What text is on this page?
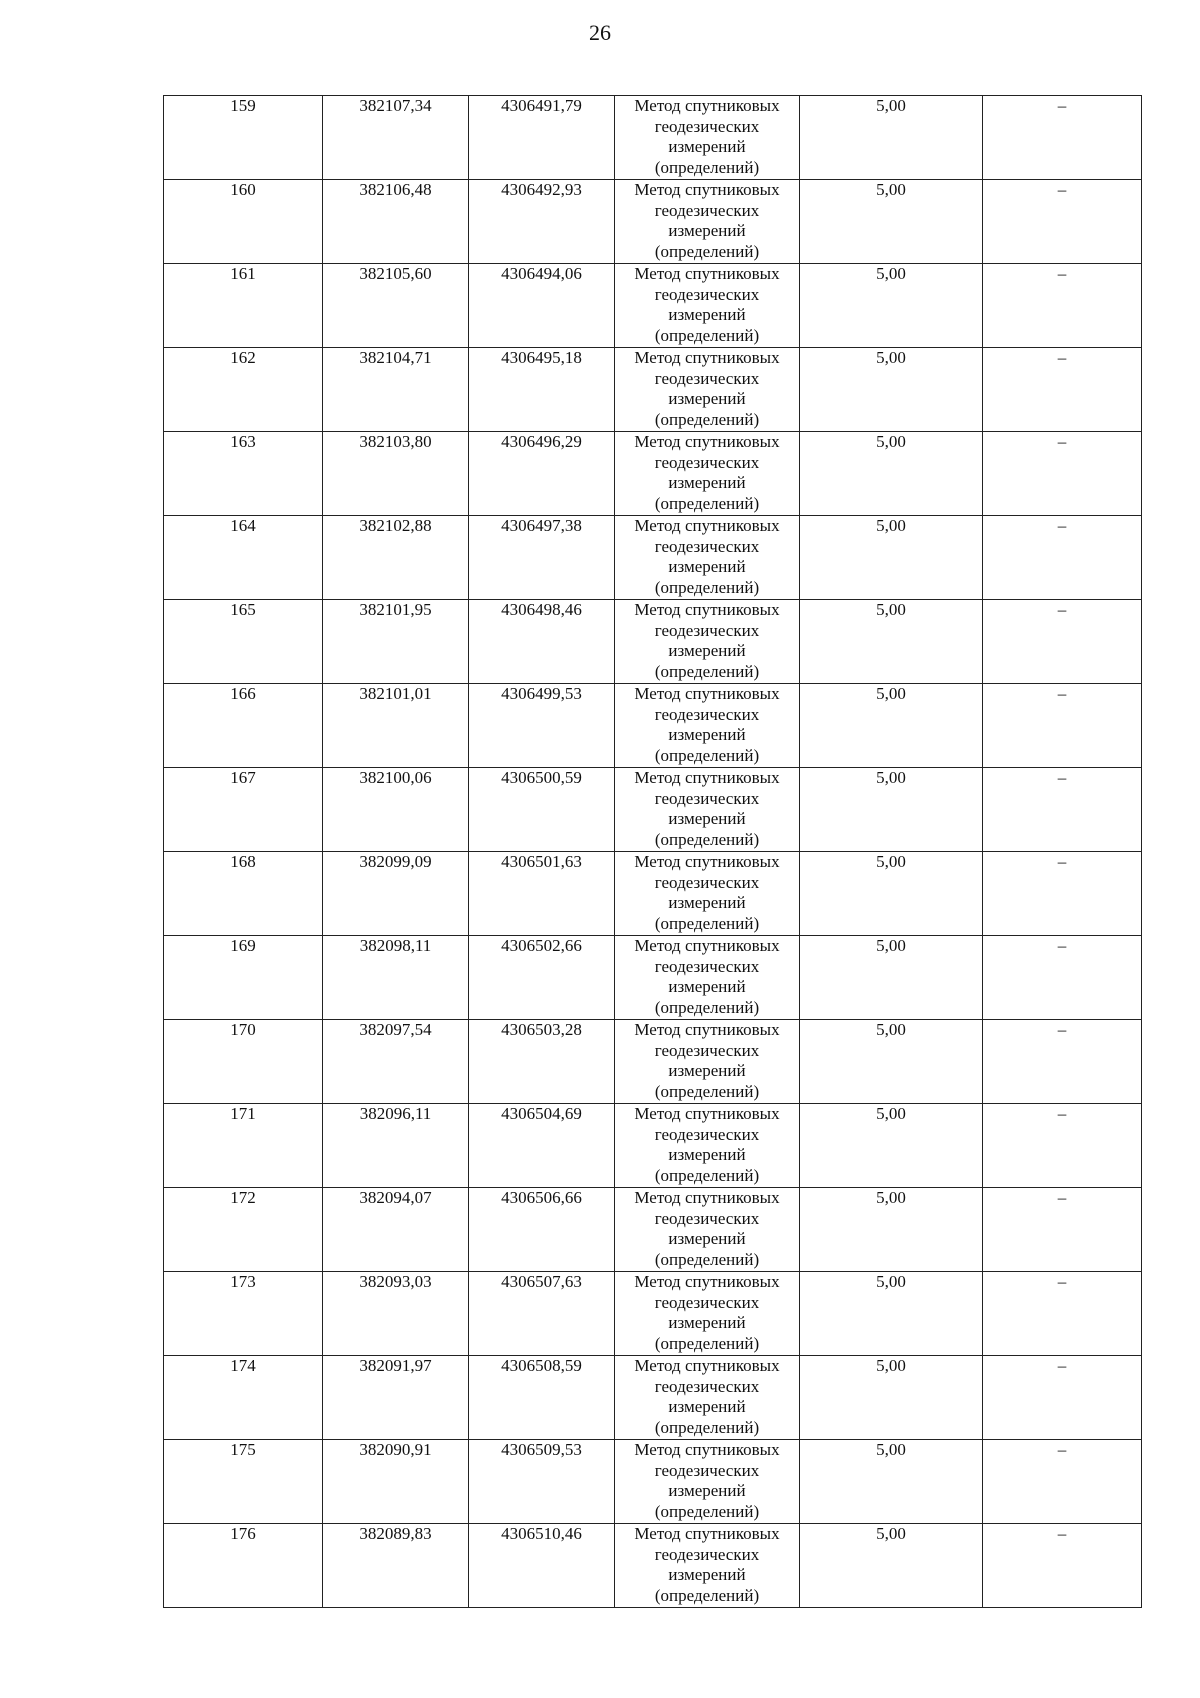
26
159	382107,34	4306491,79	Метод спутниковых геодезических измерений (определений)	5,00	–
160	382106,48	4306492,93	Метод спутниковых геодезических измерений (определений)	5,00	–
161	382105,60	4306494,06	Метод спутниковых геодезических измерений (определений)	5,00	–
162	382104,71	4306495,18	Метод спутниковых геодезических измерений (определений)	5,00	–
163	382103,80	4306496,29	Метод спутниковых геодезических измерений (определений)	5,00	–
164	382102,88	4306497,38	Метод спутниковых геодезических измерений (определений)	5,00	–
165	382101,95	4306498,46	Метод спутниковых геодезических измерений (определений)	5,00	–
166	382101,01	4306499,53	Метод спутниковых геодезических измерений (определений)	5,00	–
167	382100,06	4306500,59	Метод спутниковых геодезических измерений (определений)	5,00	–
168	382099,09	4306501,63	Метод спутниковых геодезических измерений (определений)	5,00	–
169	382098,11	4306502,66	Метод спутниковых геодезических измерений (определений)	5,00	–
170	382097,54	4306503,28	Метод спутниковых геодезических измерений (определений)	5,00	–
171	382096,11	4306504,69	Метод спутниковых геодезических измерений (определений)	5,00	–
172	382094,07	4306506,66	Метод спутниковых геодезических измерений (определений)	5,00	–
173	382093,03	4306507,63	Метод спутниковых геодезических измерений (определений)	5,00	–
174	382091,97	4306508,59	Метод спутниковых геодезических измерений (определений)	5,00	–
175	382090,91	4306509,53	Метод спутниковых геодезических измерений (определений)	5,00	–
176	382089,83	4306510,46	Метод спутниковых геодезических измерений (определений)	5,00	–
